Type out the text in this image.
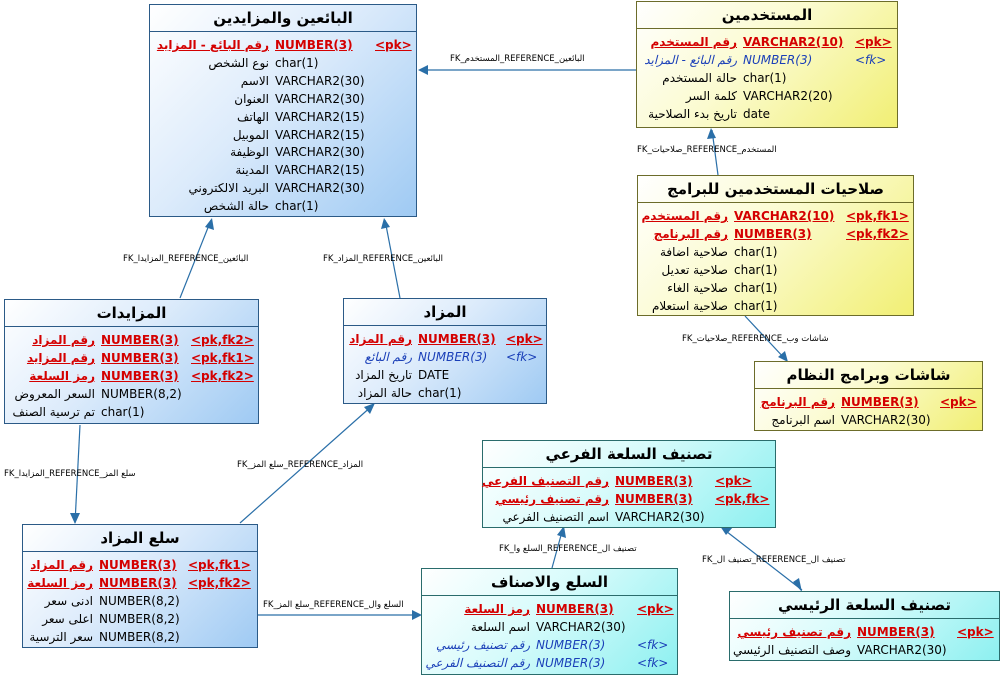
FK_المستخدم_REFERENCE_البائعين
FK_صلاحيات_REFERENCE_المستخدم
FK_صلاحيات_REFERENCE_شاشات وب
FK_المزايدا_REFERENCE_البائعين	FK_المزاد_REFERENCE_البائعين
FK_المزايدا_REFERENCE_سلع المز
FK_سلع المز_REFERENCE_المزاد
FK_السلع وا_REFERENCE_تصنيف ال
FK_تصنيف ال_REFERENCE_تصنيف ال
FK_سلع المز_REFERENCE_السلع وال
البائعين والمزايدين
رقم البائع - المزايد NUMBER(3) <pk>
نوع الشخص char(1)
الاسم VARCHAR2(30)
العنوان VARCHAR2(30)
الهاتف VARCHAR2(15)
الموبيل VARCHAR2(15)
الوظيفة VARCHAR2(30)
المدينة VARCHAR2(15)
البريد الالكتروني VARCHAR2(30)
حالة الشخص char(1)
المستخدمين
رقم المستخدم VARCHAR2(10) <pk>
رقم البائع - المزايد NUMBER(3)	<fk>
حالة المستخدم char(1)
كلمة السر VARCHAR2(20)
تاريخ بدء الصلاحية date
صلاحيات المستخدمين للبرامج
رقم المستخدم VARCHAR2(10) <pk,fk1>
رقم البرنامج NUMBER(3)	<pk,fk2>
صلاحية اضافة char(1)
صلاحية تعديل char(1)
صلاحية الغاء char(1)
صلاحية استعلام char(1)
شاشات وبرامج النظام
رقم البرنامج NUMBER(3) <pk>
اسم البرنامج VARCHAR2(30)
المزايدات
رقم المزاد NUMBER(3) <pk,fk2>
رقم المزايد NUMBER(3) <pk,fk1>
رمز السلعة NUMBER(3) <pk,fk2>
السعر المعروض NUMBER(8,2)
تم ترسية الصنف char(1)
المزاد
رقم المزاد NUMBER(3) <pk>
رقم البائع NUMBER(3) <fk>
تاريخ المزاد DATE
حالة المزاد char(1)
تصنيف السلعة الفرعي
رقم التصنيف الفرعي NUMBER(3) <pk>
رقم تصنيف رئيسي NUMBER(3) <pk,fk>
اسم التصنيف الفرعي VARCHAR2(30)
سلع المزاد
رقم المزاد NUMBER(3) <pk,fk1>
رمز السلعة NUMBER(3) <pk,fk2>
ادنى سعر NUMBER(8,2)
اعلى سعر NUMBER(8,2)
سعر الترسية NUMBER(8,2)
السلع والاصناف
رمز السلعة NUMBER(3) <pk>
اسم السلعة VARCHAR2(30)
رقم تصنيف رئيسي NUMBER(3)	<fk>
رقم التصنيف الفرعي NUMBER(3)	<fk>
تصنيف السلعة الرئيسي
رقم تصنيف رئيسي NUMBER(3) <pk>
وصف التصنيف الرئيسي VARCHAR2(30)
